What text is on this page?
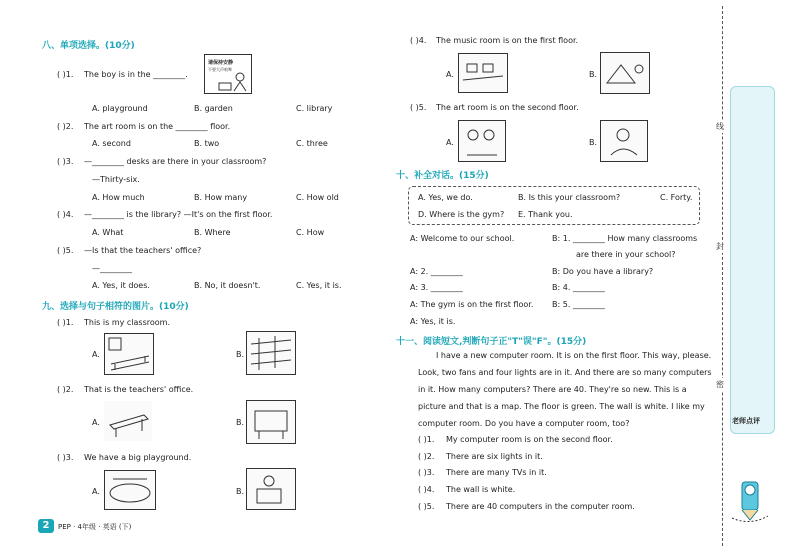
八、单项选择。(10分)
( )1. The boy is in the ________.
请保持安静
不要大声喧哗
A. playground	B. garden	C. library
( )2. The art room is on the ________ floor.
A. second	B. two	C. three
( )3. —________ desks are there in your classroom?
—Thirty-six.
A. How much	B. How many	C. How old
( )4. —________ is the library? —It's on the first floor.
A. What	B. Where	C. How
( )5. —Is that the teachers' office?
—________
A. Yes, it does.	B. No, it doesn't.	C. Yes, it is.
九、选择与句子相符的图片。(10分)
( )1. This is my classroom.
A.	B.
( )2. That is the teachers' office.
A.	B.
( )3. We have a big playground.
A.	B.
2	PEP · 4年级 · 英语 (下)
( )4. The music room is on the first floor.
A.	B.
( )5. The art room is on the second floor.
A.	B.
十、补全对话。(15分)
A. Yes, we do.	B. Is this your classroom?	C. Forty.
D. Where is the gym? E. Thank you.
A: Welcome to our school.	B: 1. ________ How many classrooms
are there in your school?
A: 2. ________	B: Do you have a library?
A: 3. ________	B: 4. ________
A: The gym is on the first floor. B: 5. ________
A: Yes, it is.
十一、阅读短文,判断句子正"T"误"F"。(15分)
I have a new computer room. It is on the first floor. This way, please.
Look, two fans and four lights are in it. And there are so many computers
in it. How many computers? There are 40. They're so new. This is a
picture and that is a map. The floor is green. The wall is white. I like my
computer room. Do you have a computer room, too?
( )1. My computer room is on the second floor.
( )2. There are six lights in it.
( )3. There are many TVs in it.
( )4. The wall is white.
( )5. There are 40 computers in the computer room.
线
封
密
老师点评
